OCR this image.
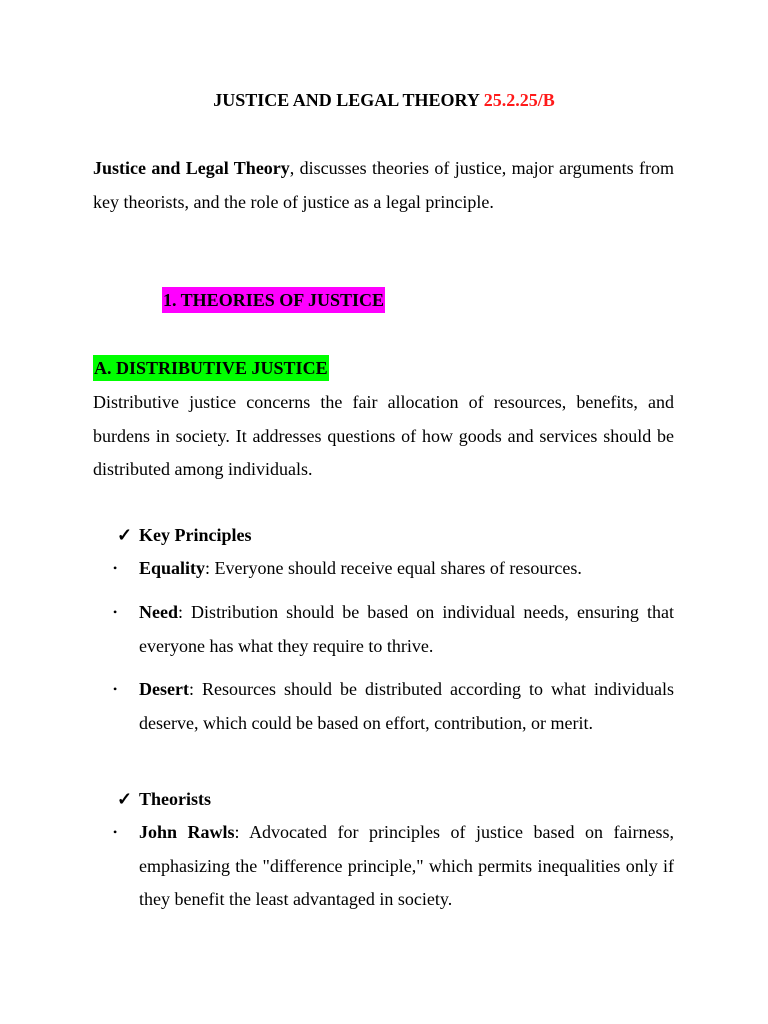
JUSTICE AND LEGAL THEORY 25.2.25/B
Justice and Legal Theory, discusses theories of justice, major arguments from key theorists, and the role of justice as a legal principle.
1. THEORIES OF JUSTICE
A. DISTRIBUTIVE JUSTICE
Distributive justice concerns the fair allocation of resources, benefits, and burdens in society. It addresses questions of how goods and services should be distributed among individuals.
✓ Key Principles
•	Equality: Everyone should receive equal shares of resources.
•	Need: Distribution should be based on individual needs, ensuring that everyone has what they require to thrive.
•	Desert: Resources should be distributed according to what individuals deserve, which could be based on effort, contribution, or merit.
✓ Theorists
•	John Rawls: Advocated for principles of justice based on fairness, emphasizing the "difference principle," which permits inequalities only if they benefit the least advantaged in society.
